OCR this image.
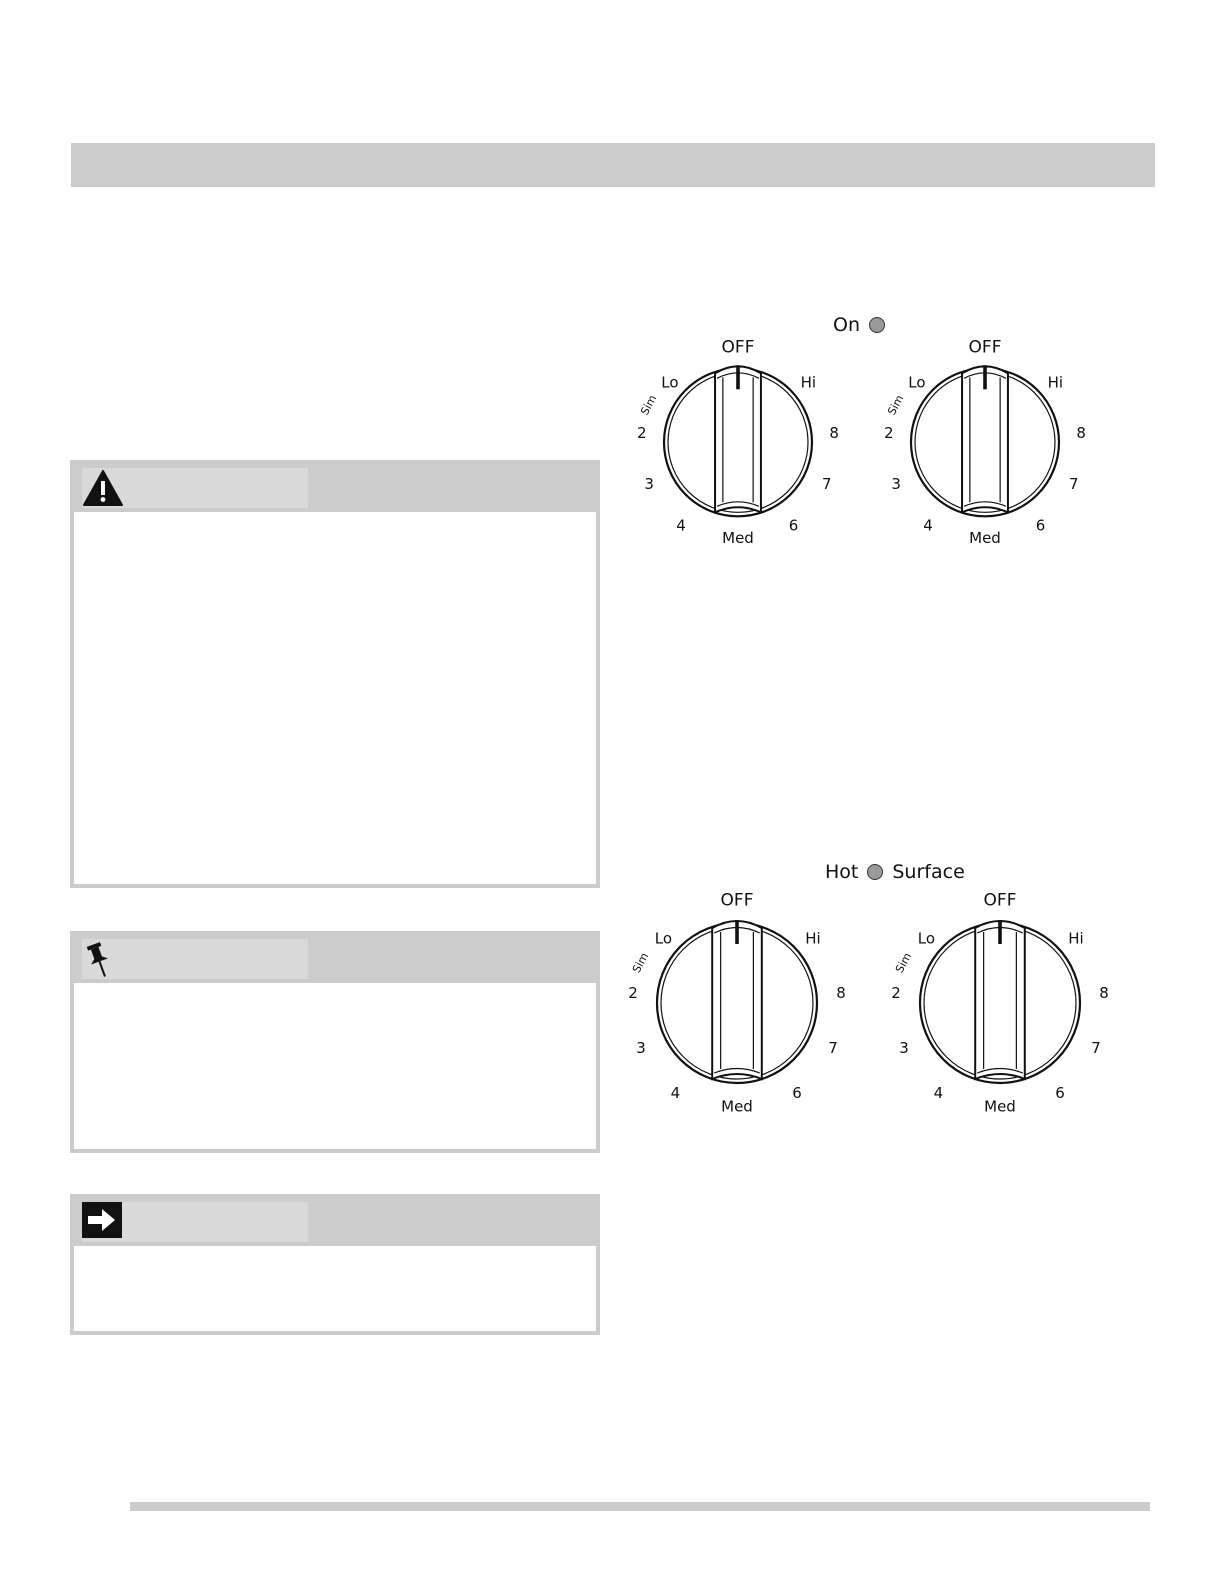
On
Hot Surface
OFF
Lo
Sim
Hi
2	8
3	7
4	6
Med
OFF
Lo
Sim
Hi
2	8
3	7
4	6
Med
OFF
Lo
Sim
Hi
2	8
3	7
4	6
Med
OFF
Lo
Sim
Hi
2	8
3	7
4	6
Med
